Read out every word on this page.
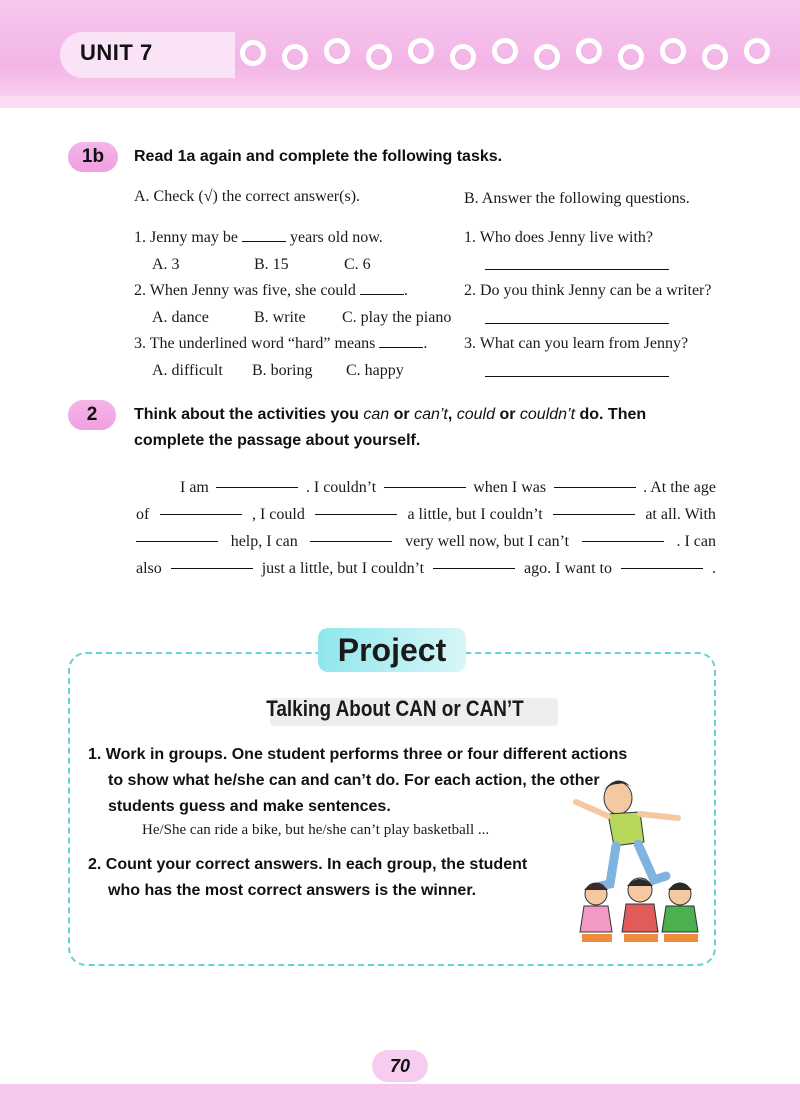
UNIT 7
1b	Read 1a again and complete the following tasks.
A. Check (√) the correct answer(s).	B. Answer the following questions.
1. Jenny may be	years old now.
A. 3	B. 15	C. 6
2. When Jenny was five, she could	.
A. dance	B. write C. play the piano
3. The underlined word “hard” means	.
A. difficult B. boring C. happy
1. Who does Jenny live with?
2. Do you think Jenny can be a writer?
3. What can you learn from Jenny?
2	Think about the activities you can or can’t, could or couldn’t do. Then
complete the passage about yourself.
I am	. I couldn’t	when I was	. At the age
of	, I could	a little, but I couldn’t	at all. With
help, I can	very well now, but I can’t	. I can
also	just a little, but I couldn’t	ago. I want to	.
Project
Talking About CAN or CAN’T
1. Work in groups. One student performs three or four different actions
to show what he/she can and can’t do. For each action, the other
students guess and make sentences.
He/She can ride a bike, but he/she can’t play basketball ...
2. Count your correct answers. In each group, the student
who has the most correct answers is the winner.
70
